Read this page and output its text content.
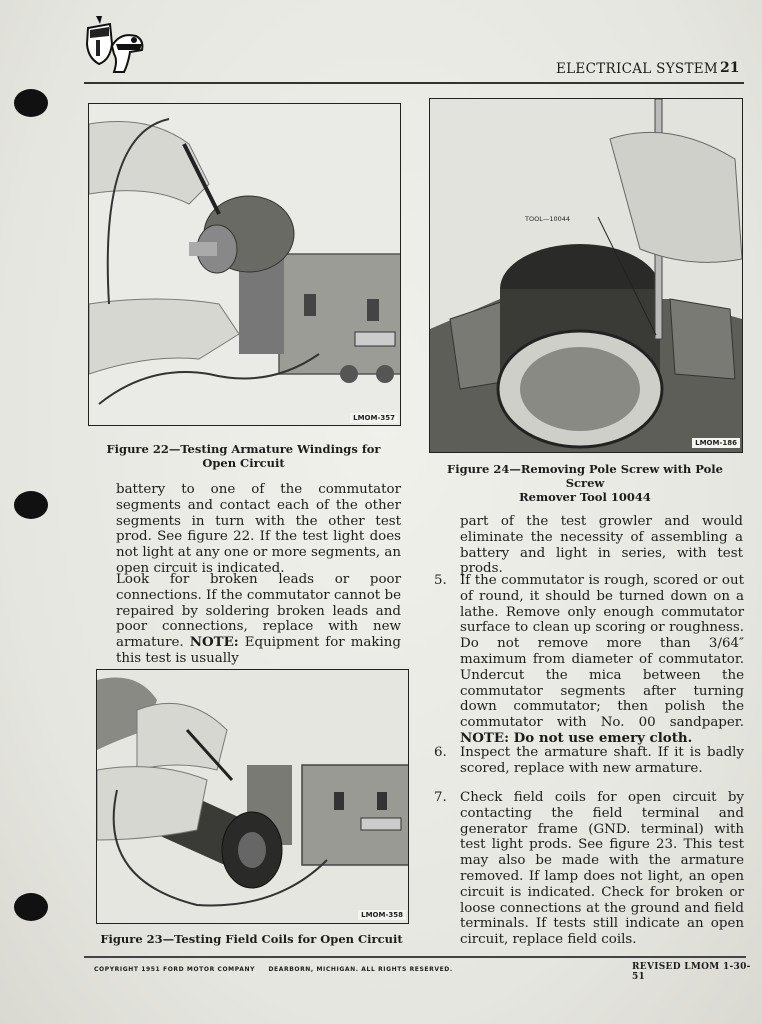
ELECTRICAL SYSTEM 21
LMOM-357
Figure 22—Testing Armature Windings for
Open Circuit
TOOL—10044
LMOM-186
Figure 24—Removing Pole Screw with Pole Screw
Remover Tool 10044
battery to one of the commutator segments and contact each of the other segments in turn with the other test prod. See figure 22. If the test light does not light at any one or more segments, an open circuit is indicated.
Look for broken leads or poor connections. If the commutator cannot be repaired by soldering broken leads and poor connections, replace with new armature. NOTE: Equipment for making this test is usually
LMOM-358
Figure 23—Testing Field Coils for Open Circuit
part of the test growler and would eliminate the necessity of assembling a battery and light in series, with test prods.
5. If the commutator is rough, scored or out of round, it should be turned down on a lathe. Remove only enough commutator surface to clean up scoring or roughness. Do not remove more than 3/64″ maximum from diameter of commutator. Undercut the mica between the commutator segments after turning down commutator; then polish the commutator with No. 00 sandpaper. NOTE: Do not use emery cloth.
6. Inspect the armature shaft. If it is badly scored, replace with new armature.
7. Check field coils for open circuit by contacting the field terminal and generator frame (GND. terminal) with test light prods. See figure 23. This test may also be made with the armature removed. If lamp does not light, an open circuit is indicated. Check for broken or loose connections at the ground and field terminals. If tests still indicate an open circuit, replace field coils.
COPYRIGHT 1951 FORD MOTOR COMPANY     DEARBORN, MICHIGAN. ALL RIGHTS RESERVED.	REVISED LMOM 1-30-51
